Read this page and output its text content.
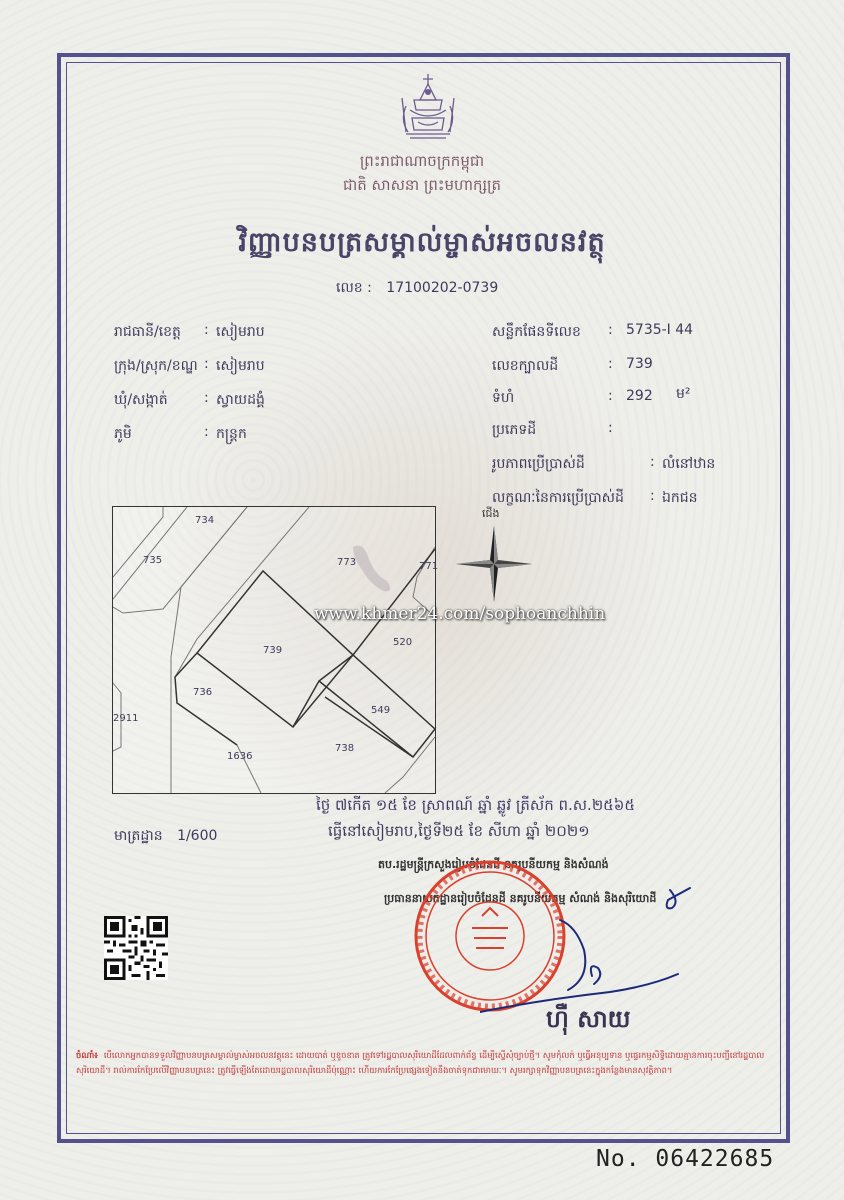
ព្រះរាជាណាចក្រកម្ពុជា
ជាតិ សាសនា ព្រះមហាក្សត្រ
វិញ្ញាបនបត្រសម្គាល់ម្ចាស់អចលនវត្ថុ
លេខ : 17100202-0739
រាជធានី/ខេត្ត : សៀមរាប
ក្រុង/ស្រុក/ខណ្ឌ : សៀមរាប
ឃុំ/សង្កាត់	: ស្វាយដង្គំ
ភូមិ	: កន្ត្រក
សន្លឹកផែនទីលេខ : 5735-I 44
លេខក្បាលដី	: 739
ទំហំ	: 292 ម²
ប្រភេទដី	:
រូបភាពប្រើប្រាស់ដី	: លំនៅឋាន
លក្ខណៈនៃការប្រើប្រាស់ដី : ឯកជន
734
735	773	771
739
520
736
549
2911
1636
738
ជើង
www.khmer24.com/sophoanchhin
ថ្ងៃ ៧កើត ១៥ ខែ ស្រាពណ៍ ឆ្នាំ ឆ្លូវ ត្រីស័ក ព.ស.២៥៦៥
ធ្វើនៅសៀមរាប,ថ្ងៃទី២៥ ខែ សីហា ឆ្នាំ ២០២១
មាត្រដ្ឋាន 1/600
តប.រដ្ឋមន្ត្រីក្រសួងរៀបចំដែនដី នគរូបនីយកម្ម និងសំណង់
ប្រធាននាយកដ្ឋានរៀបចំដែនដី នគរូបនីយកម្ម សំណង់ និងសុរិយោដី
ហ៊ឺ សាយ
ចំណាំ៖ បើលោកអ្នកបានទទួលវិញ្ញាបនបត្រសម្គាល់ម្ចាស់អចលនវត្ថុនេះ ដោយបាត់ ឬខូចខាត ត្រូវទៅរដ្ឋបាលសុរិយោដីដែលពាក់ព័ន្ធ ដើម្បីស្នើសុំច្បាប់ថ្មី។ សូមកុំលក់ ឬធ្វើអនុប្បទាន ឬផ្ទេរកម្មសិទ្ធិដោយគ្មានការចុះបញ្ជីនៅរដ្ឋបាលសុរិយោដី។ រាល់ការកែប្រែលើវិញ្ញាបនបត្រនេះ ត្រូវធ្វើឡើងតែដោយរដ្ឋបាលសុរិយោដីប៉ុណ្ណោះ ហើយការកែប្រែផ្សេងទៀតនឹងចាត់ទុកជាមោឃៈ។ សូមរក្សាទុកវិញ្ញាបនបត្រនេះក្នុងកន្លែងមានសុវត្ថិភាព។
No. 06422685
